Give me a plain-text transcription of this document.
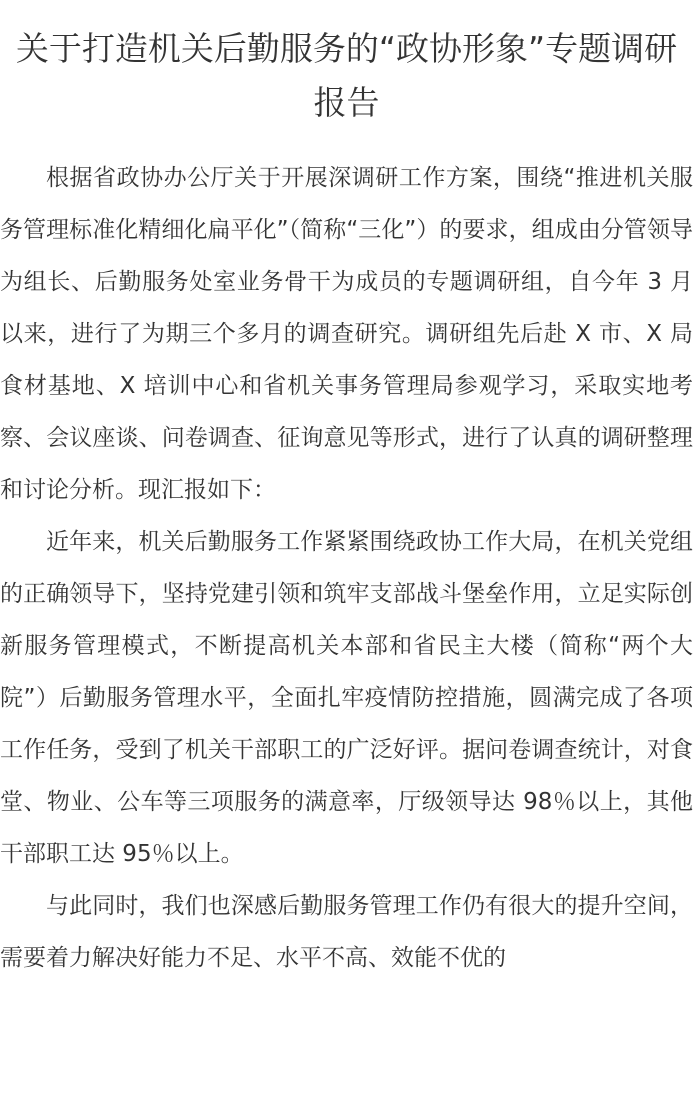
关于打造机关后勤服务的“政协形象”专题调研报告

根据省政协办公厅关于开展深调研工作方案，围绕“推进机关服务管理标准化精细化扁平化”（简称“三化”）的要求，组成由分管领导为组长、后勤服务处室业务骨干为成员的专题调研组，自今年 3 月以来，进行了为期三个多月的调查研究。调研组先后赴 X 市、X 局食材基地、X 培训中心和省机关事务管理局参观学习，采取实地考察、会议座谈、问卷调查、征询意见等形式，进行了认真的调研整理和讨论分析。现汇报如下：

近年来，机关后勤服务工作紧紧围绕政协工作大局，在机关党组的正确领导下，坚持党建引领和筑牢支部战斗堡垒作用，立足实际创新服务管理模式，不断提高机关本部和省民主大楼（简称“两个大院”）后勤服务管理水平，全面扎牢疫情防控措施，圆满完成了各项工作任务，受到了机关干部职工的广泛好评。据问卷调查统计，对食堂、物业、公车等三项服务的满意率，厅级领导达 98％以上，其他干部职工达 95％以上。

与此同时，我们也深感后勤服务管理工作仍有很大的提升空间，需要着力解决好能力不足、水平不高、效能不优的
